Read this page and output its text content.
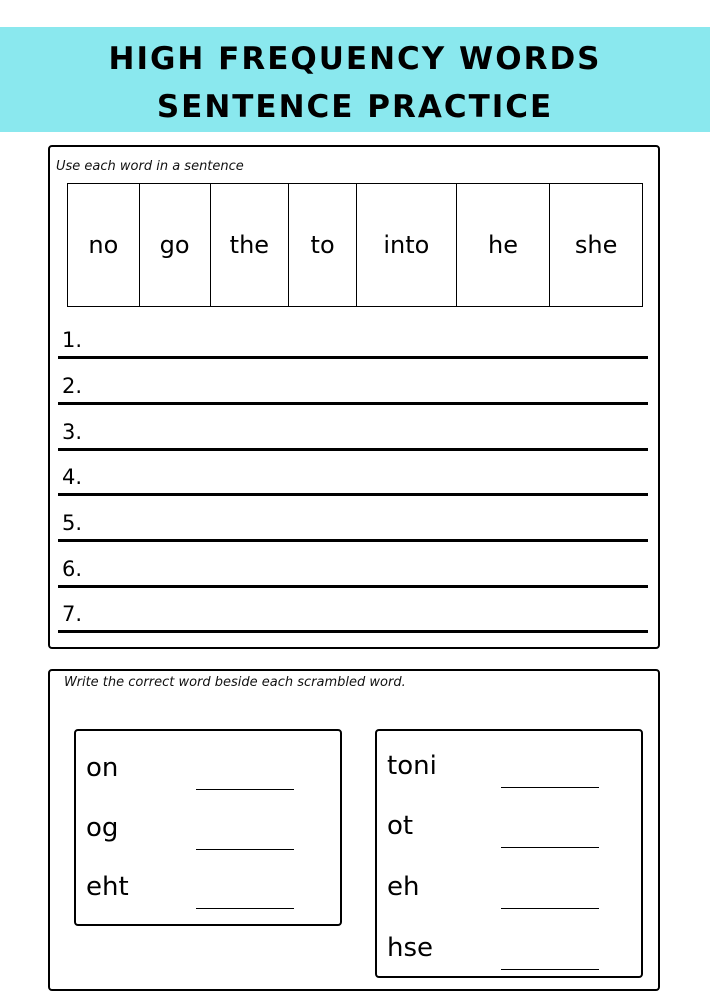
HIGH FREQUENCY WORDS
SENTENCE PRACTICE
Use each word in a sentence
no	go	the	to	into	he	she
1.
2.
3.
4.
5.
6.
7.
Write the correct word beside each scrambled word.
on
og
eht
toni
ot
eh
hse
